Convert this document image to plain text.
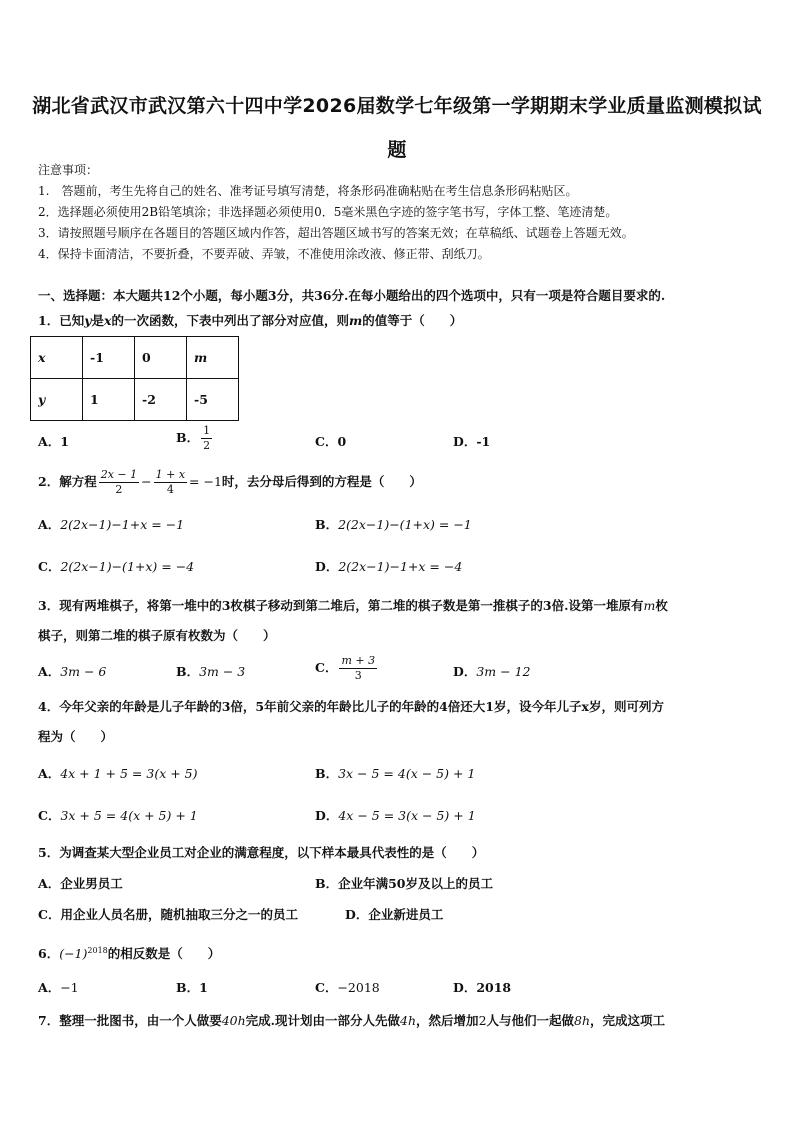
湖北省武汉市武汉第六十四中学2026届数学七年级第一学期期末学业质量监测模拟试题
注意事项：
1.　答题前，考生先将自己的姓名、准考证号填写清楚，将条形码准确粘贴在考生信息条形码粘贴区。
2．选择题必须使用2B铅笔填涂；非选择题必须使用0．5毫米黑色字迹的签字笔书写，字体工整、笔迹清楚。
3．请按照题号顺序在各题目的答题区域内作答，超出答题区域书写的答案无效；在草稿纸、试题卷上答题无效。
4．保持卡面清洁，不要折叠，不要弄破、弄皱，不准使用涂改液、修正带、刮纸刀。
一、选择题：本大题共12个小题，每小题3分，共36分.在每小题给出的四个选项中，只有一项是符合题目要求的.
1．已知y是x的一次函数，下表中列出了部分对应值，则m的值等于（　　）
x	-1	0	m
y	1	-2	-5
A．1	B． $\frac{1}{2}$	C．0	D．-1
2．解方程 $\frac{2x - 1}{2} - \frac{1 + x}{4} = -1$时，去分母后得到的方程是（　　）
A．2(2x−1)−1+x = −1	B．2(2x−1)−(1+x) = −1
C．2(2x−1)−(1+x) = −4	D．2(2x−1)−1+x = −4
3．现有两堆棋子，将第一堆中的3枚棋子移动到第二堆后，第二堆的棋子数是第一推棋子的3倍.设第一堆原有m枚
棋子，则第二堆的棋子原有枚数为（　　）
A．3m − 6	B．3m − 3	C． $\frac{m + 3}{3}$	D．3m − 12
4．今年父亲的年龄是儿子年龄的3倍，5年前父亲的年龄比儿子的年龄的4倍还大1岁，设今年儿子x岁，则可列方
程为（　　）
A．4x + 1 + 5 = 3(x + 5)	B．3x − 5 = 4(x − 5) + 1
C．3x + 5 = 4(x + 5) + 1	D．4x − 5 = 3(x − 5) + 1
5．为调查某大型企业员工对企业的满意程度，以下样本最具代表性的是（　　）
A．企业男员工	B．企业年满50岁及以上的员工
C．用企业人员名册，随机抽取三分之一的员工	D．企业新进员工
6．$(-1)^{2018}$的相反数是（　　）
A．−1	B．1	C．−2018	D．2018
7．整理一批图书，由一个人做要40h完成.现计划由一部分人先做4h，然后增加2人与他们一起做8h，完成这项工
